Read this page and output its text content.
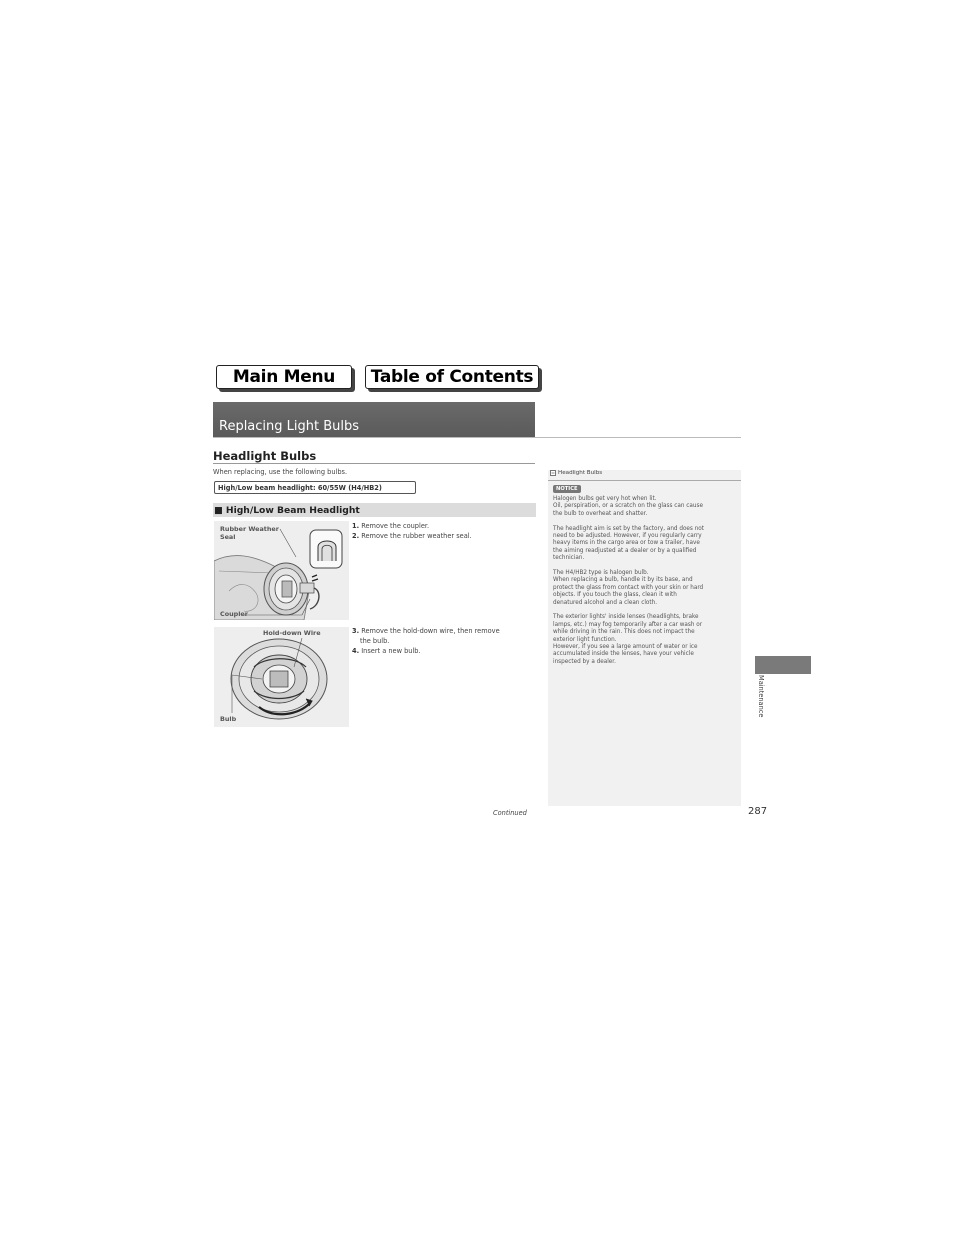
Main Menu	Table of Contents
Replacing Light Bulbs
Headlight Bulbs
When replacing, use the following bulbs.
High/Low beam headlight: 60/55W (H4/HB2)
■ High/Low Beam Headlight
Rubber Weather
Seal
Coupler
Hold-down Wire
Bulb
1. Remove the coupler.
2. Remove the rubber weather seal.
3. Remove the hold-down wire, then remove
the bulb.
4. Insert a new bulb.
Headlight Bulbs
NOTICE

Halogen bulbs get very hot when lit.
Oil, perspiration, or a scratch on the glass can cause
the bulb to overheat and shatter.

The headlight aim is set by the factory, and does not
need to be adjusted. However, if you regularly carry
heavy items in the cargo area or tow a trailer, have
the aiming readjusted at a dealer or by a qualified
technician.

The H4/HB2 type is halogen bulb.
When replacing a bulb, handle it by its base, and
protect the glass from contact with your skin or hard
objects. If you touch the glass, clean it with
denatured alcohol and a clean cloth.

The exterior lights' inside lenses (headlights, brake
lamps, etc.) may fog temporarily after a car wash or
while driving in the rain. This does not impact the
exterior light function.
However, if you see a large amount of water or ice
accumulated inside the lenses, have your vehicle
inspected by a dealer.

Maintenance
Continued	287
